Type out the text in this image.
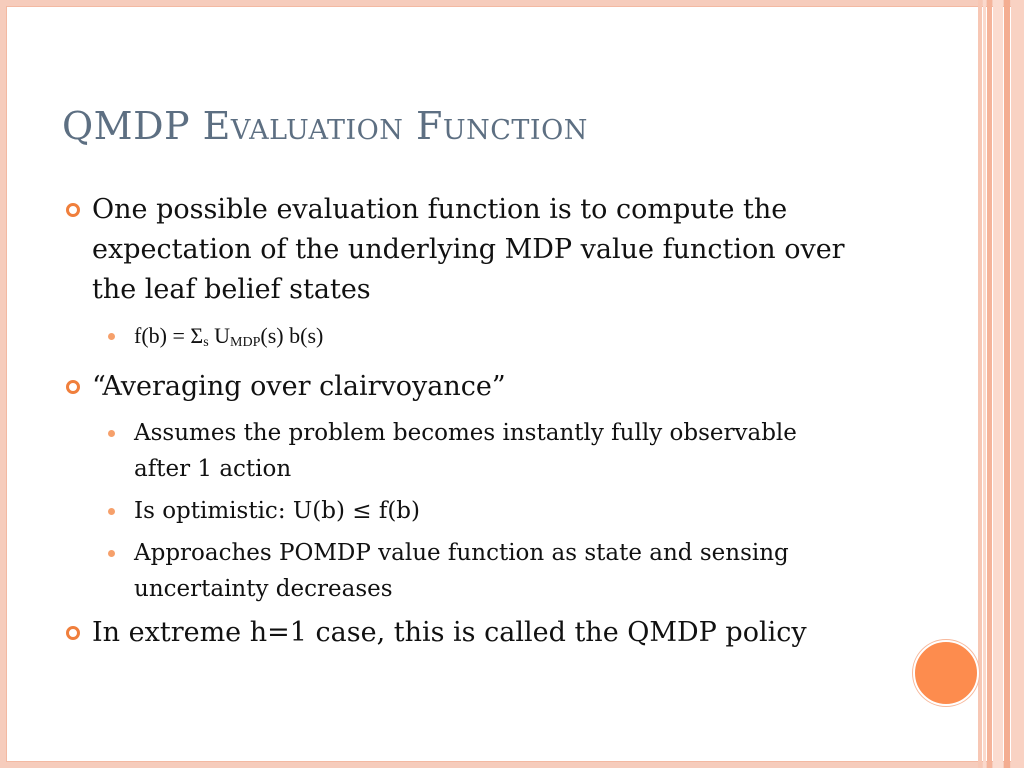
QMDP Evaluation Function
One possible evaluation function is to compute the expectation of the underlying MDP value function over the leaf belief states
$f(b) = \Sigma_s$ $U_{MDP}(s)$ b(s)
“Averaging over clairvoyance”
Assumes the problem becomes instantly fully observable after 1 action
Is optimistic: U(b) ≤ f(b)
Approaches POMDP value function as state and sensing uncertainty decreases
In extreme h=1 case, this is called the QMDP policy
